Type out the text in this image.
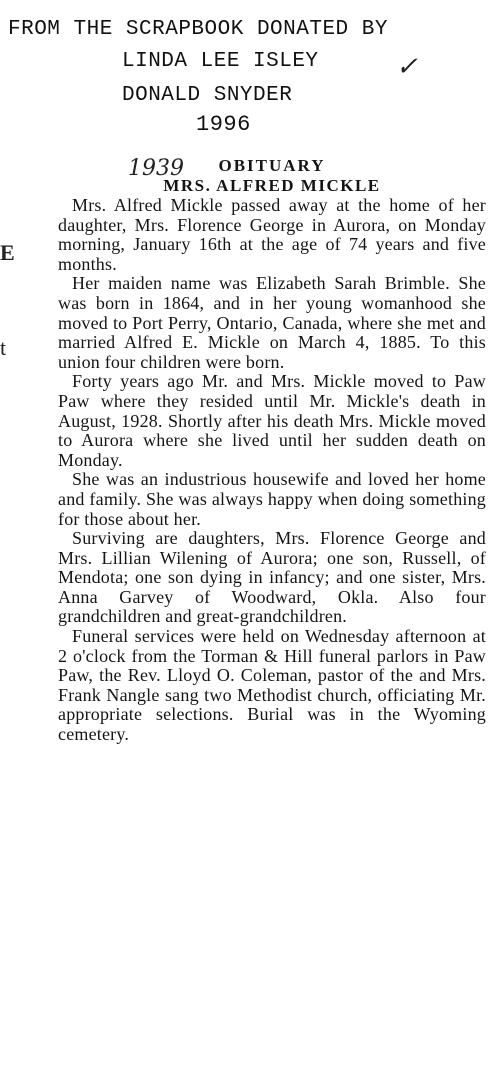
FROM THE SCRAPBOOK DONATED BY
LINDA LEE ISLEY	✓
DONALD SNYDER
1996
E
t
OBITUARY
MRS. ALFRED MICKLE

Mrs. Alfred Mickle passed away at the home of her daughter, Mrs. Florence George in Aurora, on Monday morning, January 16th at the age of 74 years and five months.

Her maiden name was Elizabeth Sarah Brimble. She was born in 1864, and in her young womanhood she moved to Port Perry, Ontario, Canada, where she met and married Alfred E. Mickle on March 4, 1885. To this union four children were born.

Forty years ago Mr. and Mrs. Mickle moved to Paw Paw where they resided until Mr. Mickle's death in August, 1928. Shortly after his death Mrs. Mickle moved to Aurora where she lived until her sudden death on Monday.

She was an industrious housewife and loved her home and family. She was always happy when doing something for those about her.

Surviving are daughters, Mrs. Florence George and Mrs. Lillian Wilening of Aurora; one son, Russell, of Mendota; one son dying in infancy; and one sister, Mrs. Anna Garvey of Woodward, Okla. Also four grandchildren and great-grandchildren.

Funeral services were held on Wednesday afternoon at 2 o'clock from the Torman & Hill funeral parlors in Paw Paw, the Rev. Lloyd O. Coleman, pastor of the and Mrs. Frank Nangle sang two Methodist church, officiating Mr. appropriate selections. Burial was in the Wyoming cemetery.

1939
